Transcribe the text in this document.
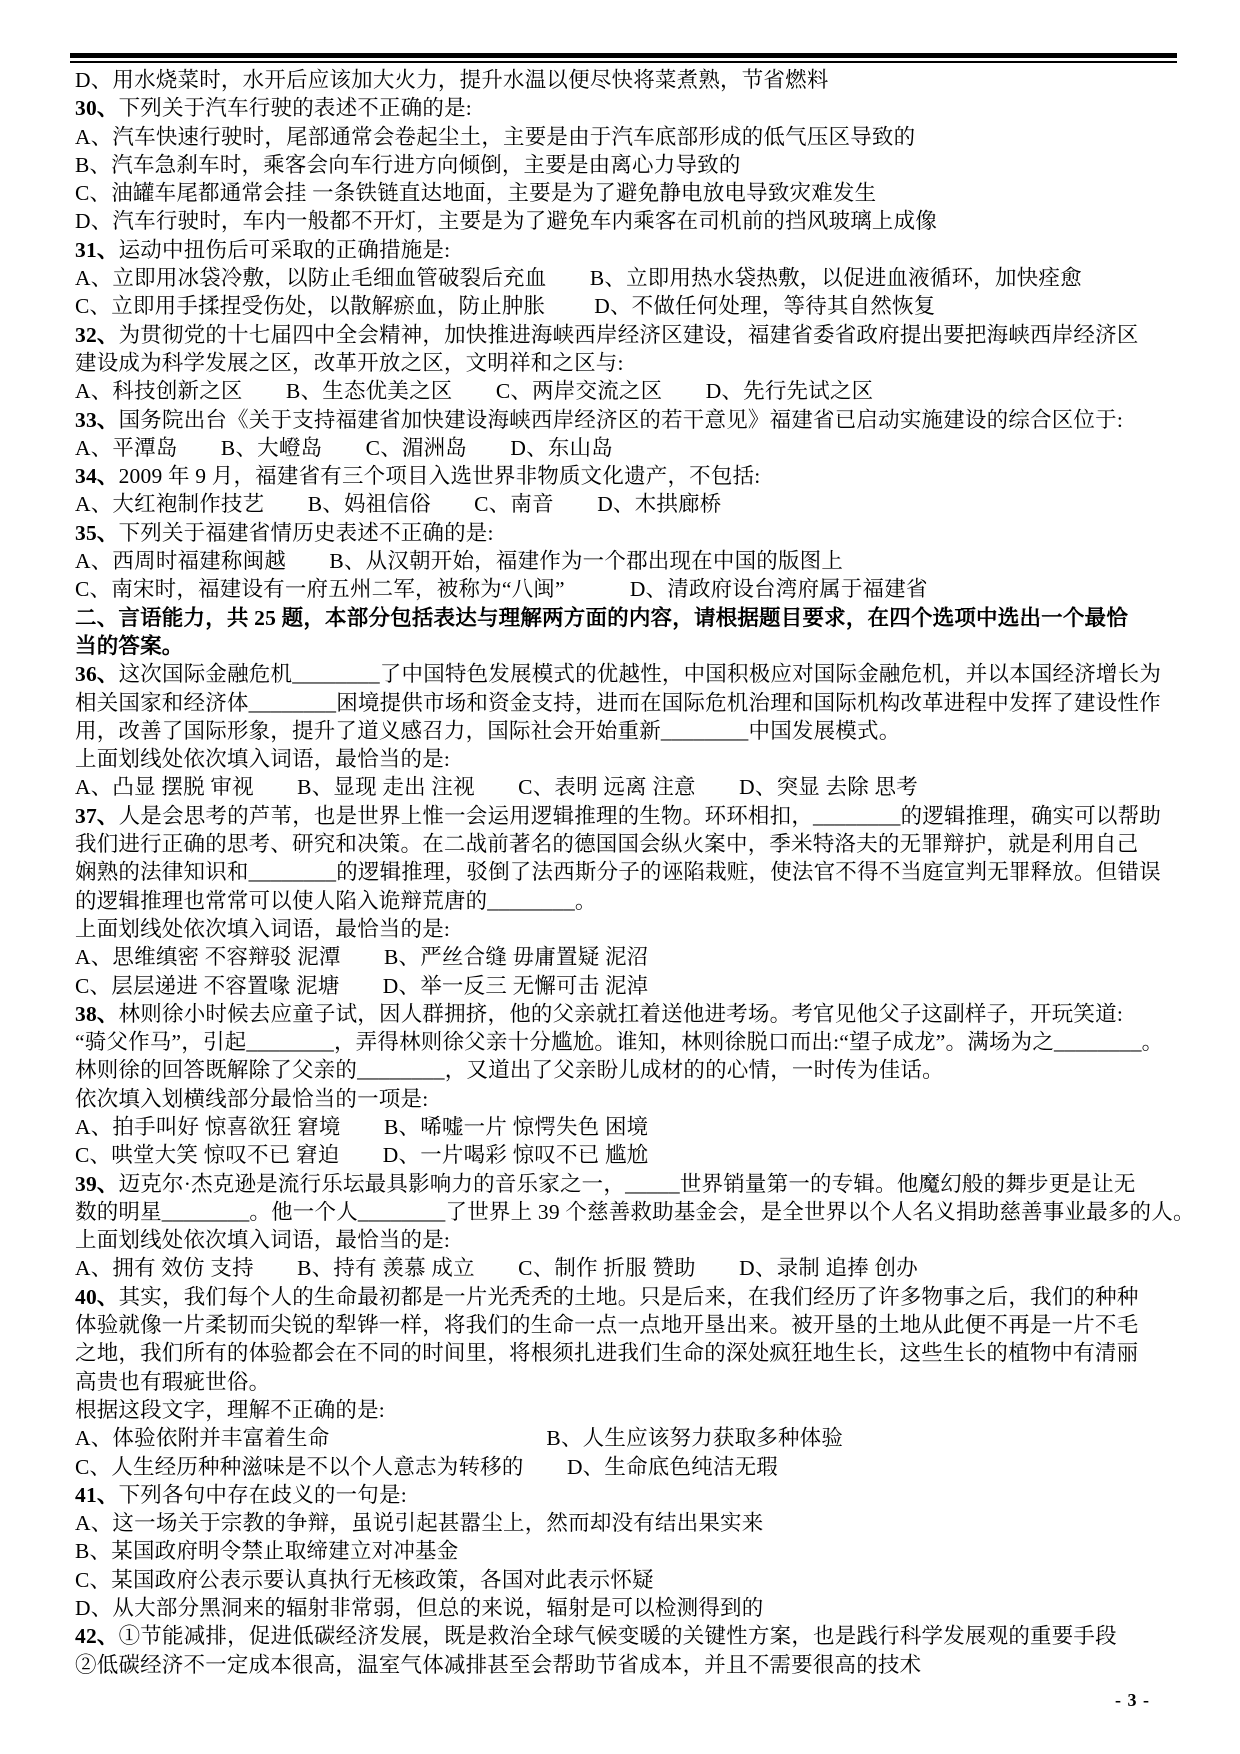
D、用水烧菜时，水开后应该加大火力，提升水温以便尽快将菜煮熟，节省燃料
30、下列关于汽车行驶的表述不正确的是:
A、汽车快速行驶时，尾部通常会卷起尘土，主要是由于汽车底部形成的低气压区导致的
B、汽车急刹车时，乘客会向车行进方向倾倒，主要是由离心力导致的
C、油罐车尾都通常会挂 一条铁链直达地面，主要是为了避免静电放电导致灾难发生
D、汽车行驶时，车内一般都不开灯，主要是为了避免车内乘客在司机前的挡风玻璃上成像
31、运动中扭伤后可采取的正确措施是:
A、立即用冰袋冷敷，以防止毛细血管破裂后充血　　B、立即用热水袋热敷，以促进血液循环，加快痊愈
C、立即用手揉捏受伤处，以散解瘀血，防止肿胀　　 D、不做任何处理，等待其自然恢复
32、为贯彻党的十七届四中全会精神，加快推进海峡西岸经济区建设，福建省委省政府提出要把海峡西岸经济区
建设成为科学发展之区，改革开放之区，文明祥和之区与:
A、科技创新之区　　B、生态优美之区　　C、两岸交流之区　　D、先行先试之区
33、国务院出台《关于支持福建省加快建设海峡西岸经济区的若干意见》福建省已启动实施建设的综合区位于:
A、平潭岛　　B、大嶝岛　　C、湄洲岛　　D、东山岛
34、2009 年 9 月，福建省有三个项目入选世界非物质文化遗产，不包括:
A、大红袍制作技艺　　B、妈祖信俗　　C、南音　　D、木拱廊桥
35、下列关于福建省情历史表述不正确的是:
A、西周时福建称闽越　　B、从汉朝开始，福建作为一个郡出现在中国的版图上
C、南宋时，福建设有一府五州二军，被称为“八闽”　　　D、清政府设台湾府属于福建省
二、言语能力，共 25 题，本部分包括表达与理解两方面的内容，请根据题目要求，在四个选项中选出一个最恰
当的答案。
36、这次国际金融危机________了中国特色发展模式的优越性，中国积极应对国际金融危机，并以本国经济增长为
相关国家和经济体________困境提供市场和资金支持，进而在国际危机治理和国际机构改革进程中发挥了建设性作
用，改善了国际形象，提升了道义感召力，国际社会开始重新________中国发展模式。
上面划线处依次填入词语，最恰当的是:
A、凸显 摆脱 审视　　B、显现 走出 注视　　C、表明 远离 注意　　D、突显 去除 思考
37、人是会思考的芦苇，也是世界上惟一会运用逻辑推理的生物。环环相扣，________的逻辑推理，确实可以帮助
我们进行正确的思考、研究和决策。在二战前著名的德国国会纵火案中，季米特洛夫的无罪辩护，就是利用自己
娴熟的法律知识和________的逻辑推理，驳倒了法西斯分子的诬陷栽赃，使法官不得不当庭宣判无罪释放。但错误
的逻辑推理也常常可以使人陷入诡辩荒唐的________。
上面划线处依次填入词语，最恰当的是:
A、思维缜密 不容辩驳 泥潭　　B、严丝合缝 毋庸置疑 泥沼
C、层层递进 不容置喙 泥塘　　D、举一反三 无懈可击 泥淖
38、林则徐小时候去应童子试，因人群拥挤，他的父亲就扛着送他进考场。考官见他父子这副样子，开玩笑道:
“骑父作马”，引起________，弄得林则徐父亲十分尴尬。谁知，林则徐脱口而出:“望子成龙”。满场为之________。
林则徐的回答既解除了父亲的________，又道出了父亲盼儿成材的的心情，一时传为佳话。
依次填入划横线部分最恰当的一项是:
A、拍手叫好 惊喜欲狂 窘境　　B、唏嘘一片 惊愕失色 困境
C、哄堂大笑 惊叹不已 窘迫　　D、一片喝彩 惊叹不已 尴尬
39、迈克尔·杰克逊是流行乐坛最具影响力的音乐家之一，_____世界销量第一的专辑。他魔幻般的舞步更是让无
数的明星________。他一个人________了世界上 39 个慈善救助基金会，是全世界以个人名义捐助慈善事业最多的人。
上面划线处依次填入词语，最恰当的是:
A、拥有 效仿 支持　　B、持有 羡慕 成立　　C、制作 折服 赞助　　D、录制 追捧 创办
40、其实，我们每个人的生命最初都是一片光秃秃的土地。只是后来，在我们经历了许多物事之后，我们的种种
体验就像一片柔韧而尖锐的犁铧一样，将我们的生命一点一点地开垦出来。被开垦的土地从此便不再是一片不毛
之地，我们所有的体验都会在不同的时间里，将根须扎进我们生命的深处疯狂地生长，这些生长的植物中有清丽
高贵也有瑕疵世俗。
根据这段文字，理解不正确的是:
A、体验依附并丰富着生命　　　　　　　　　　B、人生应该努力获取多种体验
C、人生经历种种滋味是不以个人意志为转移的　　D、生命底色纯洁无瑕
41、下列各句中存在歧义的一句是:
A、这一场关于宗教的争辩，虽说引起甚嚣尘上，然而却没有结出果实来
B、某国政府明令禁止取缔建立对冲基金
C、某国政府公表示要认真执行无核政策，各国对此表示怀疑
D、从大部分黑洞来的辐射非常弱，但总的来说，辐射是可以检测得到的
42、①节能减排，促进低碳经济发展，既是救治全球气候变暖的关键性方案，也是践行科学发展观的重要手段
②低碳经济不一定成本很高，温室气体减排甚至会帮助节省成本，并且不需要很高的技术
- 3 -
